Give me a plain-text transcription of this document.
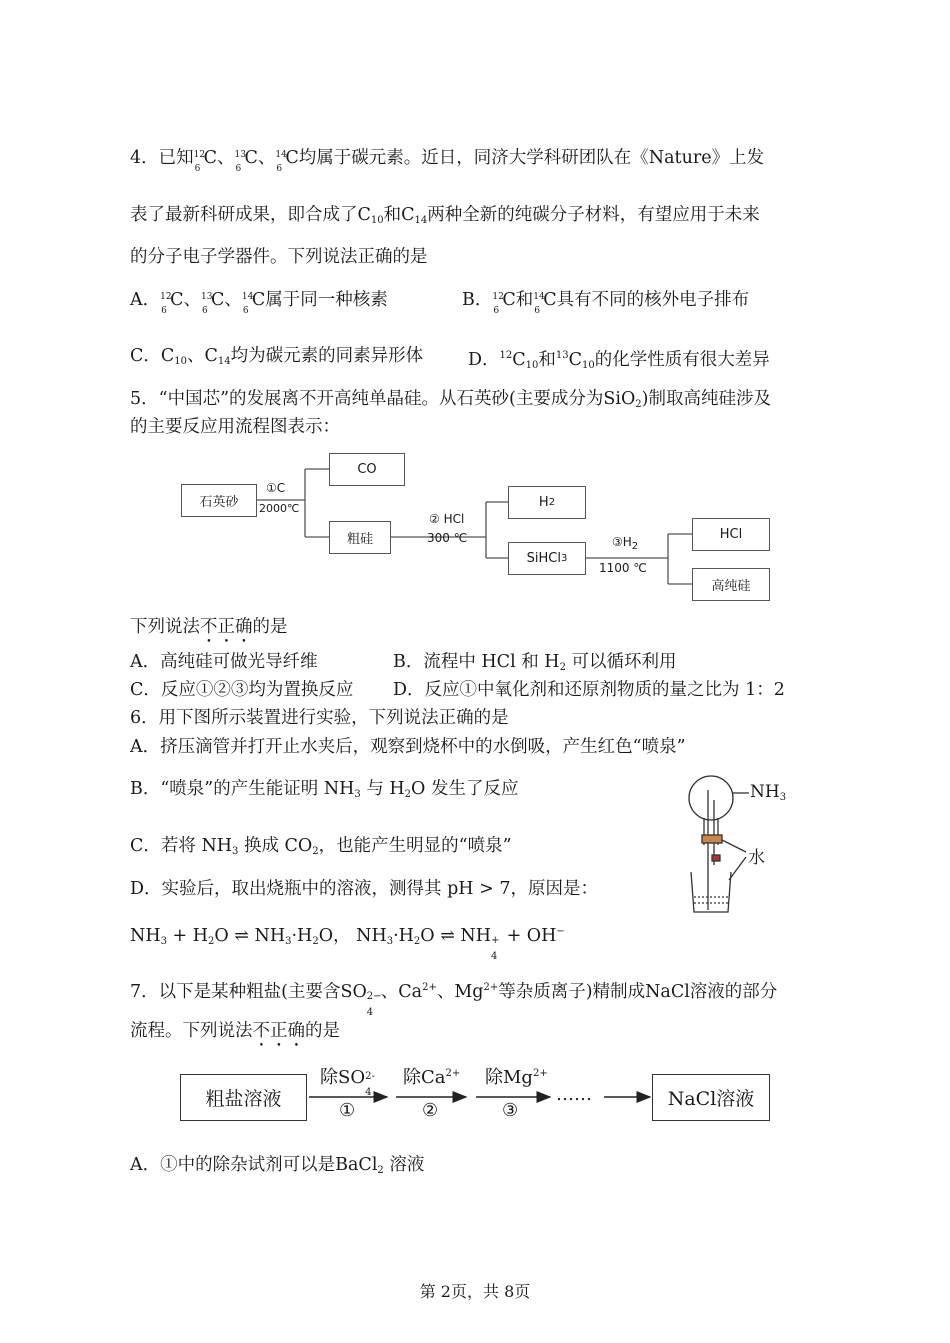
4．已知 12
6
C、 13
6
C、 14
6
C均属于碳元素。近日，同济大学科研团队在《Nature》上发
表了最新科研成果，即合成了$C_{10}$和$C_{14}$两种全新的纯碳分子材料，有望应用于未来
的分子电子学器件。下列说法正确的是
A． 12
6
C、 13
6
C、 14
6
C属于同一种核素	B． 12
6
C和 14
6
C具有不同的核外电子排布
C．$C_{10}$、$C_{14}$均为碳元素的同素异形体	D．$^{12}C_{10}$和$^{13}C_{10}$的化学性质有很大差异
5．“中国芯”的发展离不开高纯单晶硅。从石英砂(主要成分为SiO$_2$)制取高纯硅涉及
的主要反应用流程图表示：
石英砂
CO
粗硅
H 2
SiHCl 3
HCl
高纯硅
①C
2000℃
② HCl
300 ℃	$③H_2$
1100 ℃
下列说法不正确的是
A．高纯硅可做光导纤维	B．流程中 HCl 和 $H_2$ 可以循环利用
C．反应①②③均为置换反应 D．反应①中氧化剂和还原剂物质的量之比为 1：2
6．用下图所示装置进行实验，下列说法正确的是
A．挤压滴管并打开止水夹后，观察到烧杯中的水倒吸，产生红色“喷泉”
B．“喷泉”的产生能证明 $NH_3$ 与 $H_2O$ 发生了反应
C．若将 $NH_3$ 换成 $CO_2$，也能产生明显的“喷泉”
D．实验后，取出烧瓶中的溶液，测得其 pH > 7，原因是：
$NH_3 + H_2O$ ⇌ $NH_3\cdot H_2O$， $NH_3\cdot H_2O$ ⇌ NH +
4
+ OH−
$NH_3$
水
7．以下是某种粗盐(主要含SO 2−
4
、$Ca^{2+}$、$Mg^{2+}$等杂质离子)精制成NaCl溶液的部分
流程。下列说法不正确的是
粗盐溶液	NaCl溶液
除SO 2-
4
①
除$Ca^{2+}$
②
除$Mg^{2+}$
③
……
A．①中的除杂试剂可以是BaCl$_2$ 溶液
第 2页，共 8页
